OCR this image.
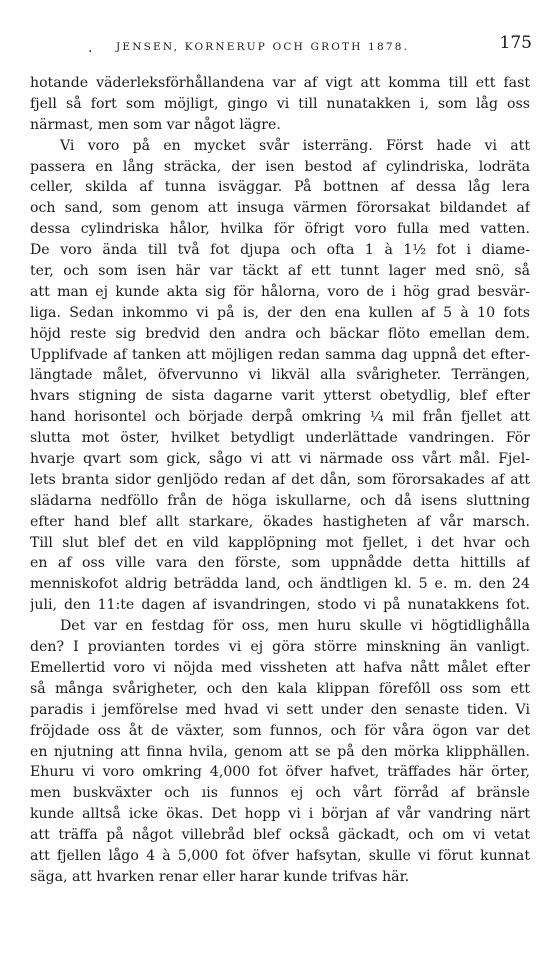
. JENSEN, KORNERUP OCH GROTH 1878.	175
hotande väderleksförhållandena var af vigt att komma till ett fast
fjell så fort som möjligt, gingo vi till nunatakken i, som låg oss
närmast, men som var något lägre.
Vi voro på en mycket svår isterräng. Först hade vi att
passera en lång sträcka, der isen bestod af cylindriska, lodräta
celler, skilda af tunna isväggar. På bottnen af dessa låg lera
och sand, som genom att insuga värmen förorsakat bildandet af
dessa cylindriska hålor, hvilka för öfrigt voro fulla med vatten.
De voro ända till två fot djupa och ofta 1 à 1½ fot i diame-
ter, och som isen här var täckt af ett tunnt lager med snö, så
att man ej kunde akta sig för hålorna, voro de i hög grad besvär-
liga. Sedan inkommo vi på is, der den ena kullen af 5 à 10 fots
höjd reste sig bredvid den andra och bäckar flöto emellan dem.
Upplifvade af tanken att möjligen redan samma dag uppnå det efter-
längtade målet, öfvervunno vi likväl alla svårigheter. Terrängen,
hvars stigning de sista dagarne varit ytterst obetydlig, blef efter
hand horisontel och började derpå omkring ¼ mil från fjellet att
slutta mot öster, hvilket betydligt underlättade vandringen. För
hvarje qvart som gick, sågo vi att vi närmade oss vårt mål. Fjel-
lets branta sidor genljödo redan af det dån, som förorsakades af att
slädarna nedföllo från de höga iskullarne, och då isens sluttning
efter hand blef allt starkare, ökades hastigheten af vår marsch.
Till slut blef det en vild kapplöpning mot fjellet, i det hvar och
en af oss ville vara den förste, som uppnådde detta hittills af
menniskofot aldrig beträdda land, och ändtligen kl. 5 e. m. den 24
juli, den 11:te dagen af isvandringen, stodo vi på nunatakkens fot.
Det var en festdag för oss, men huru skulle vi högtidlighålla
den? I provianten tordes vi ej göra större minskning än vanligt.
Emellertid voro vi nöjda med vissheten att hafva nått målet efter
så många svårigheter, och den kala klippan förefôll oss som ett
paradis i jemförelse med hvad vi sett under den senaste tiden. Vi
fröjdade oss åt de växter, som funnos, och för våra ögon var det
en njutning att finna hvila, genom att se på den mörka klipphällen.
Ehuru vi voro omkring 4,000 fot öfver hafvet, träffades här örter,
men buskväxter och ıis funnos ej och vårt förråd af bränsle
kunde alltså icke ökas. Det hopp vi i början af vår vandring närt
att träffa på något villebråd blef också gäckadt, och om vi vetat
att fjellen lågo 4 à 5,000 fot öfver hafsytan, skulle vi förut kunnat
säga, att hvarken renar eller harar kunde trifvas här.
